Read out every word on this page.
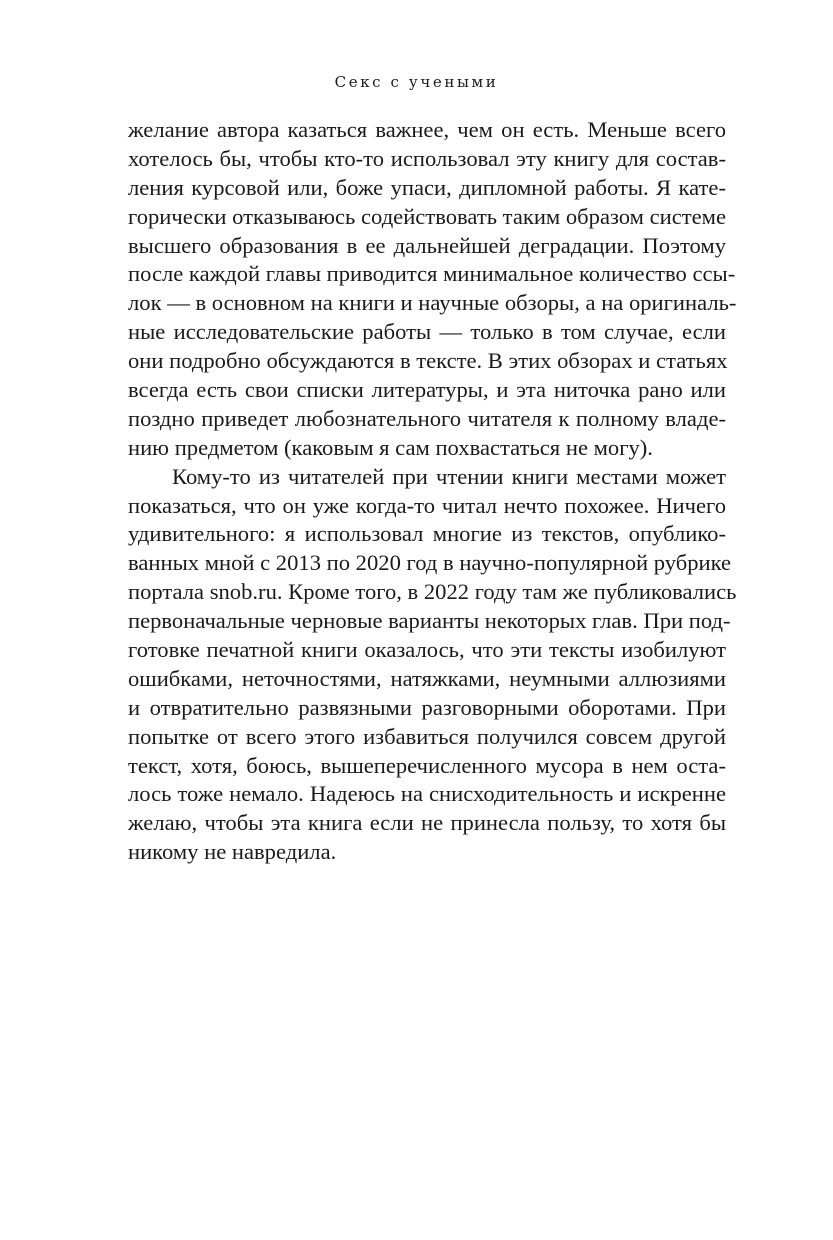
Секс с учеными
желание автора казаться важнее, чем он есть. Меньше всего
хотелось бы, чтобы кто-то использовал эту книгу для состав-
ления курсовой или, боже упаси, дипломной работы. Я кате-
горически отказываюсь содействовать таким образом системе
высшего образования в ее дальнейшей деградации. Поэтому
после каждой главы приводится минимальное количество ссы-
лок — в основном на книги и научные обзоры, а на оригиналь-
ные исследовательские работы — только в том случае, если
они подробно обсуждаются в тексте. В этих обзорах и статьях
всегда есть свои списки литературы, и эта ниточка рано или
поздно приведет любознательного читателя к полному владе-
нию предметом (каковым я сам похвастаться не могу).
Кому-то из читателей при чтении книги местами может
показаться, что он уже когда-то читал нечто похожее. Ничего
удивительного: я использовал многие из текстов, опублико-
ванных мной с 2013 по 2020 год в научно-популярной рубрике
портала snob.ru. Кроме того, в 2022 году там же публиковались
первоначальные черновые варианты некоторых глав. При под-
готовке печатной книги оказалось, что эти тексты изобилуют
ошибками, неточностями, натяжками, неумными аллюзиями
и отвратительно развязными разговорными оборотами. При
попытке от всего этого избавиться получился совсем другой
текст, хотя, боюсь, вышеперечисленного мусора в нем оста-
лось тоже немало. Надеюсь на снисходительность и искренне
желаю, чтобы эта книга если не принесла пользу, то хотя бы
никому не навредила.
